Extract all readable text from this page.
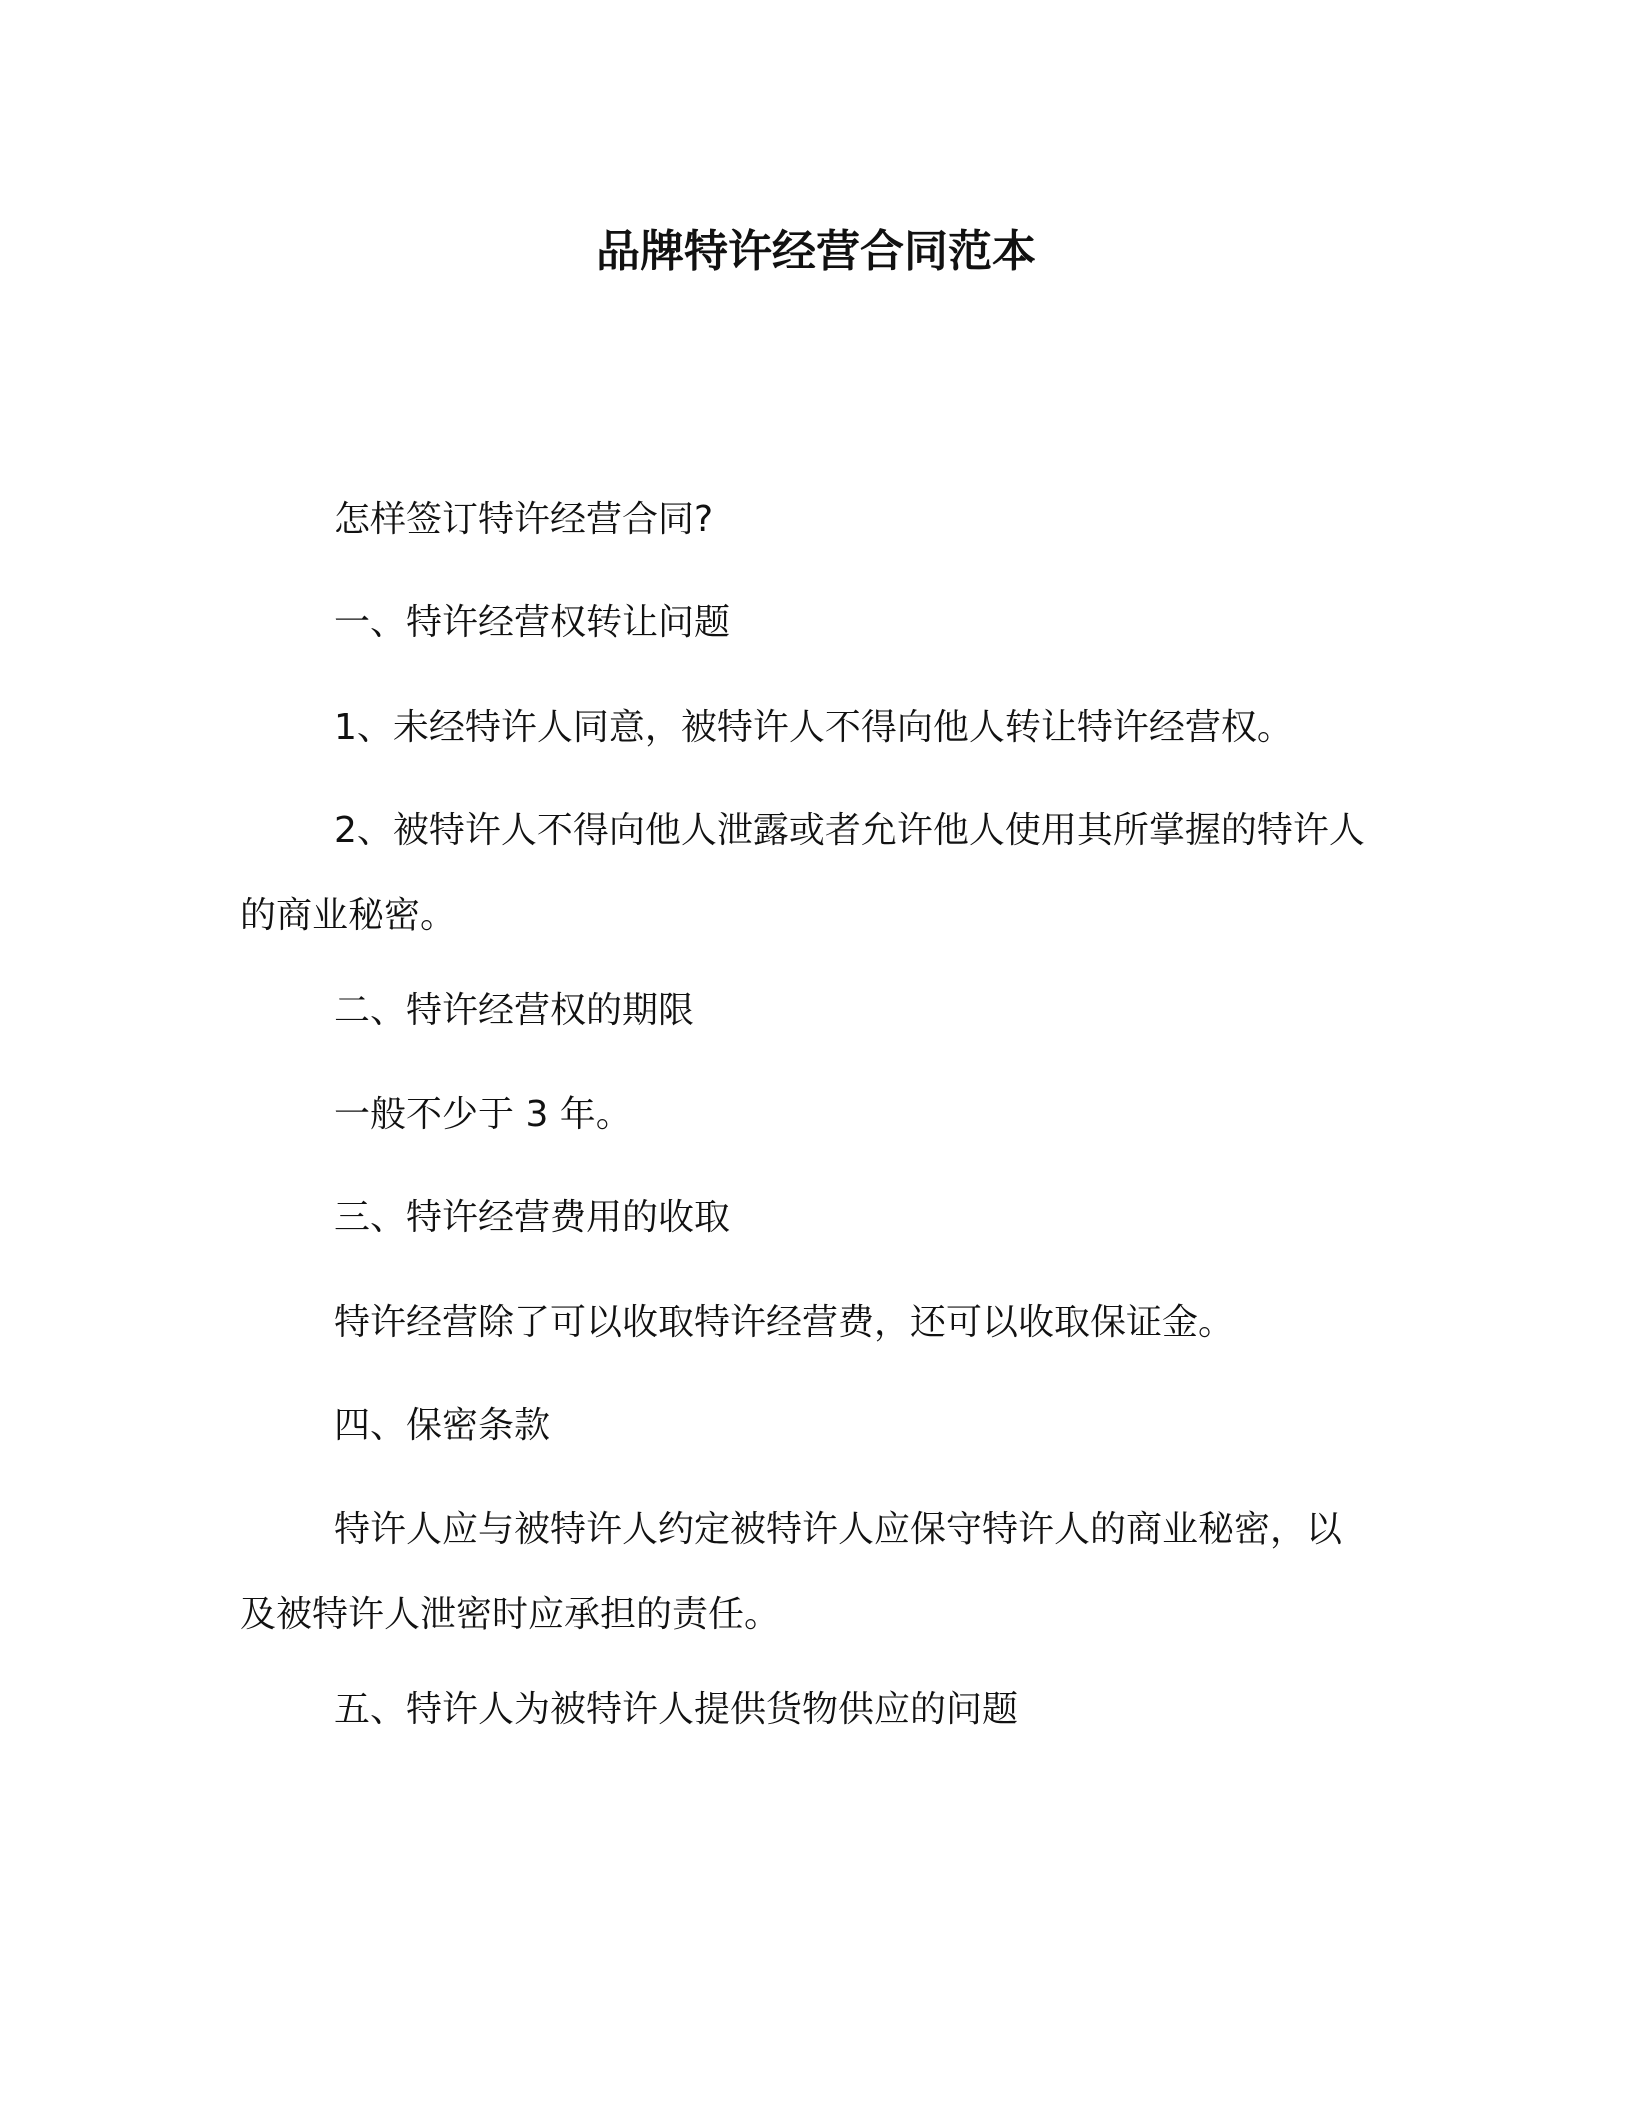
品牌特许经营合同范本

怎样签订特许经营合同?

一、特许经营权转让问题

1、未经特许人同意，被特许人不得向他人转让特许经营权。

2、被特许人不得向他人泄露或者允许他人使用其所掌握的特许人的商业秘密。

二、特许经营权的期限

一般不少于 3 年。

三、特许经营费用的收取

特许经营除了可以收取特许经营费，还可以收取保证金。

四、保密条款

特许人应与被特许人约定被特许人应保守特许人的商业秘密，以及被特许人泄密时应承担的责任。

五、特许人为被特许人提供货物供应的问题
